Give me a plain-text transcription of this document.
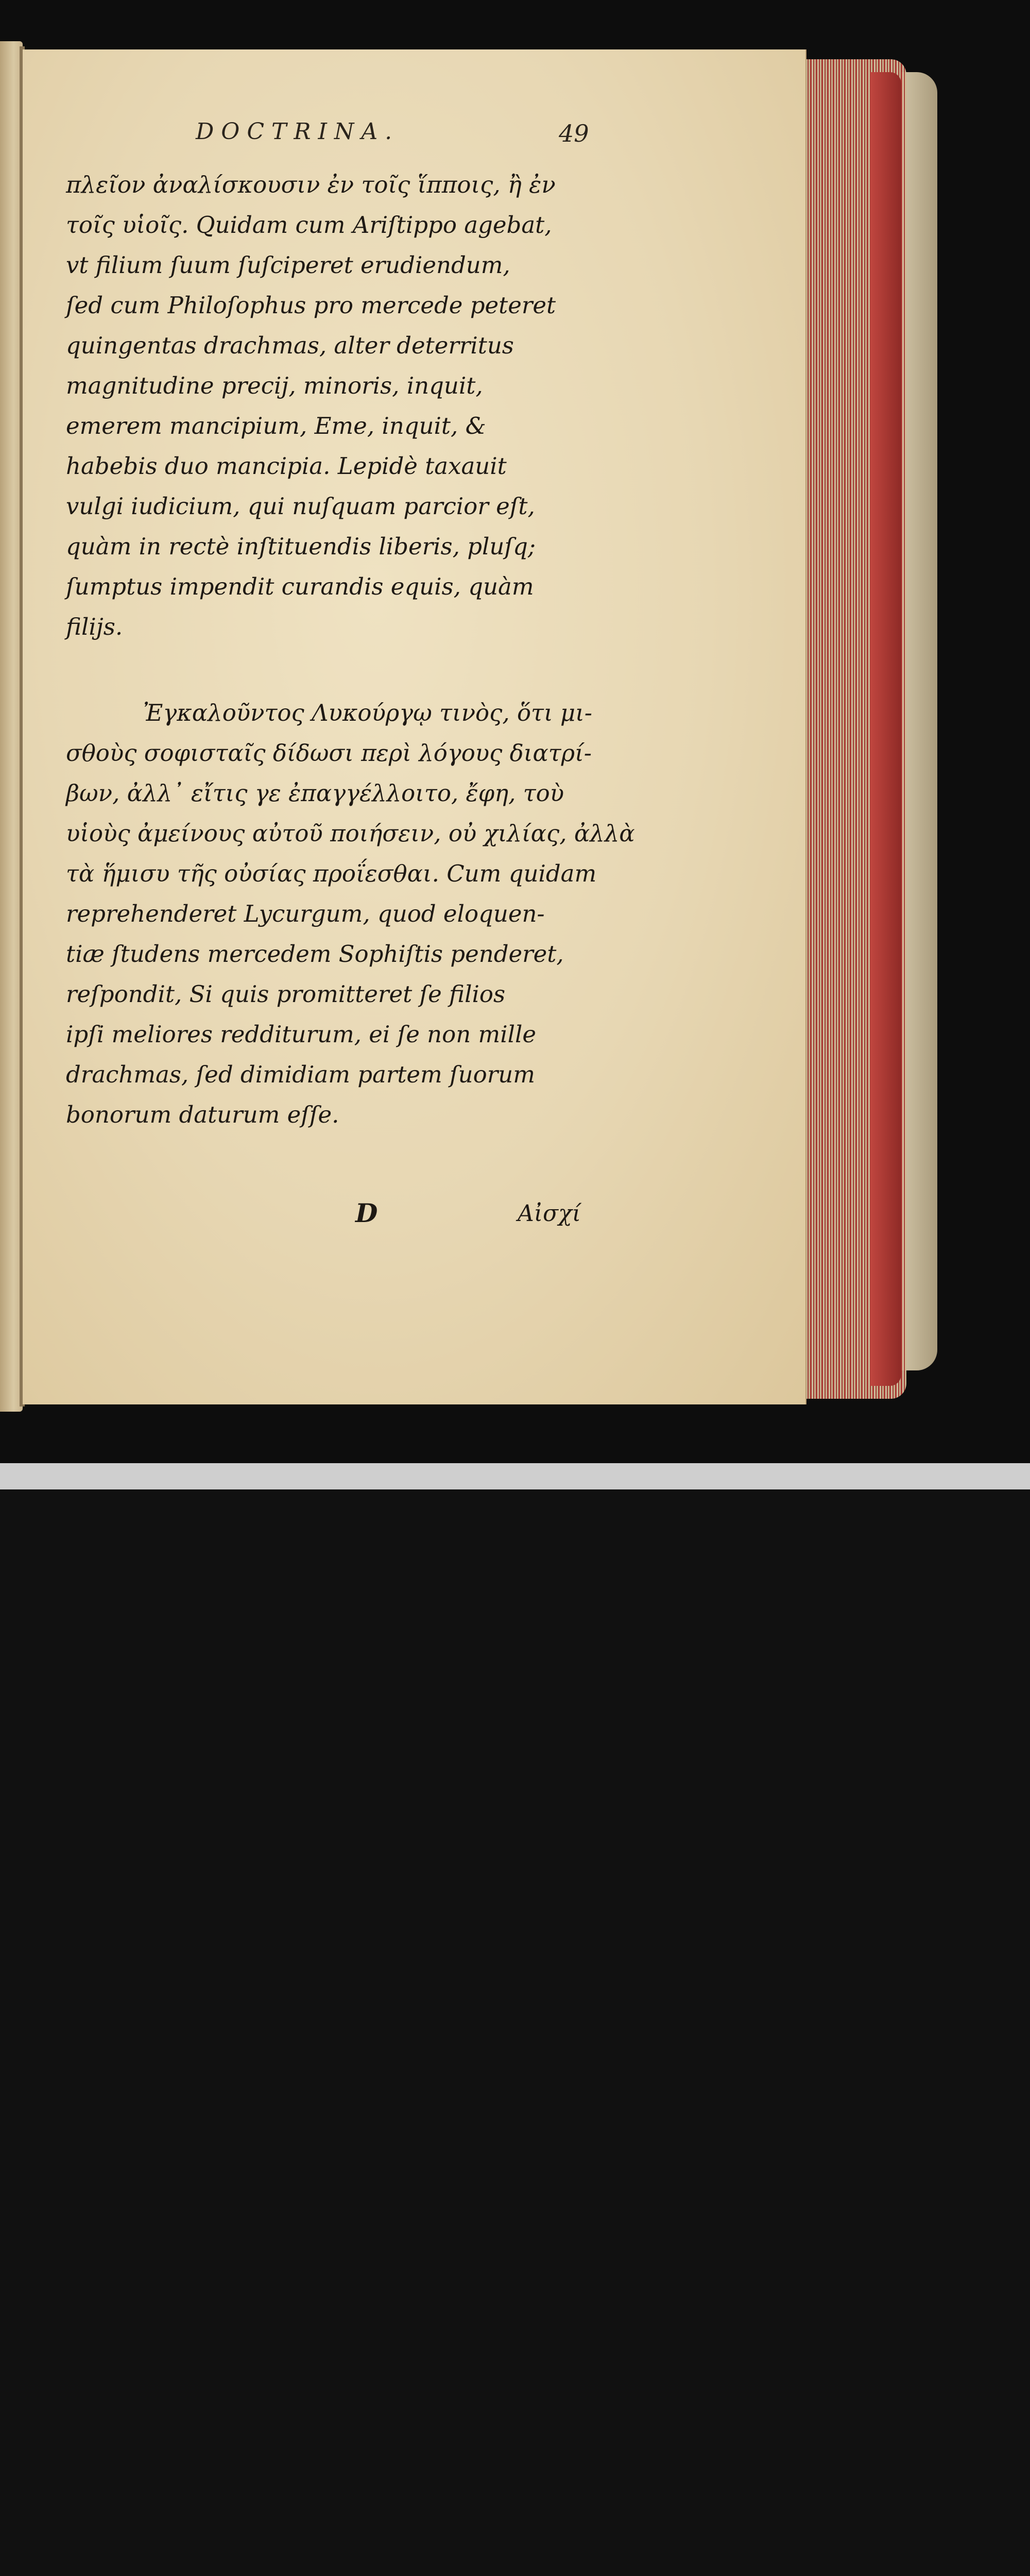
DOCTRINA.	49
πλεῖον ἀναλίσκουσιν ἐν τοῖς ἵπποις, ἢ ἐν
τοῖς υἱοῖς. Quidam cum Ariſtippo agebat,
vt filium ſuum ſuſciperet erudiendum,
ſed cum Philoſophus pro mercede peteret
quingentas drachmas, alter deterritus
magnitudine precij, minoris, inquit,
emerem mancipium, Eme, inquit, &
habebis duo mancipia. Lepidè taxauit
vulgi iudicium, qui nuſquam parcior eſt,
quàm in rectè inſtituendis liberis, pluſq;
ſumptus impendit curandis equis, quàm
filijs.
Ἐγκαλοῦντος Λυκούργῳ τινὸς, ὅτι μι-
σθοὺς σοφισταῖς δίδωσι περὶ λόγους διατρί-
βων, ἀλλ᾽ εἴτις γε ἐπαγγέλλοιτο, ἔφη, τοὺ
υἱοὺς ἀμείνους αὐτοῦ ποιήσειν, οὐ χιλίας, ἀλλὰ
τὰ ἥμισυ τῆς οὐσίας προΐεσθαι. Cum quidam
reprehenderet Lycurgum, quod eloquen-
tiæ ſtudens mercedem Sophiſtis penderet,
reſpondit, Si quis promitteret ſe filios
ipſi meliores redditurum, ei ſe non mille
drachmas, ſed dimidiam partem ſuorum
bonorum daturum eſſe.
D	Αἰσχί
